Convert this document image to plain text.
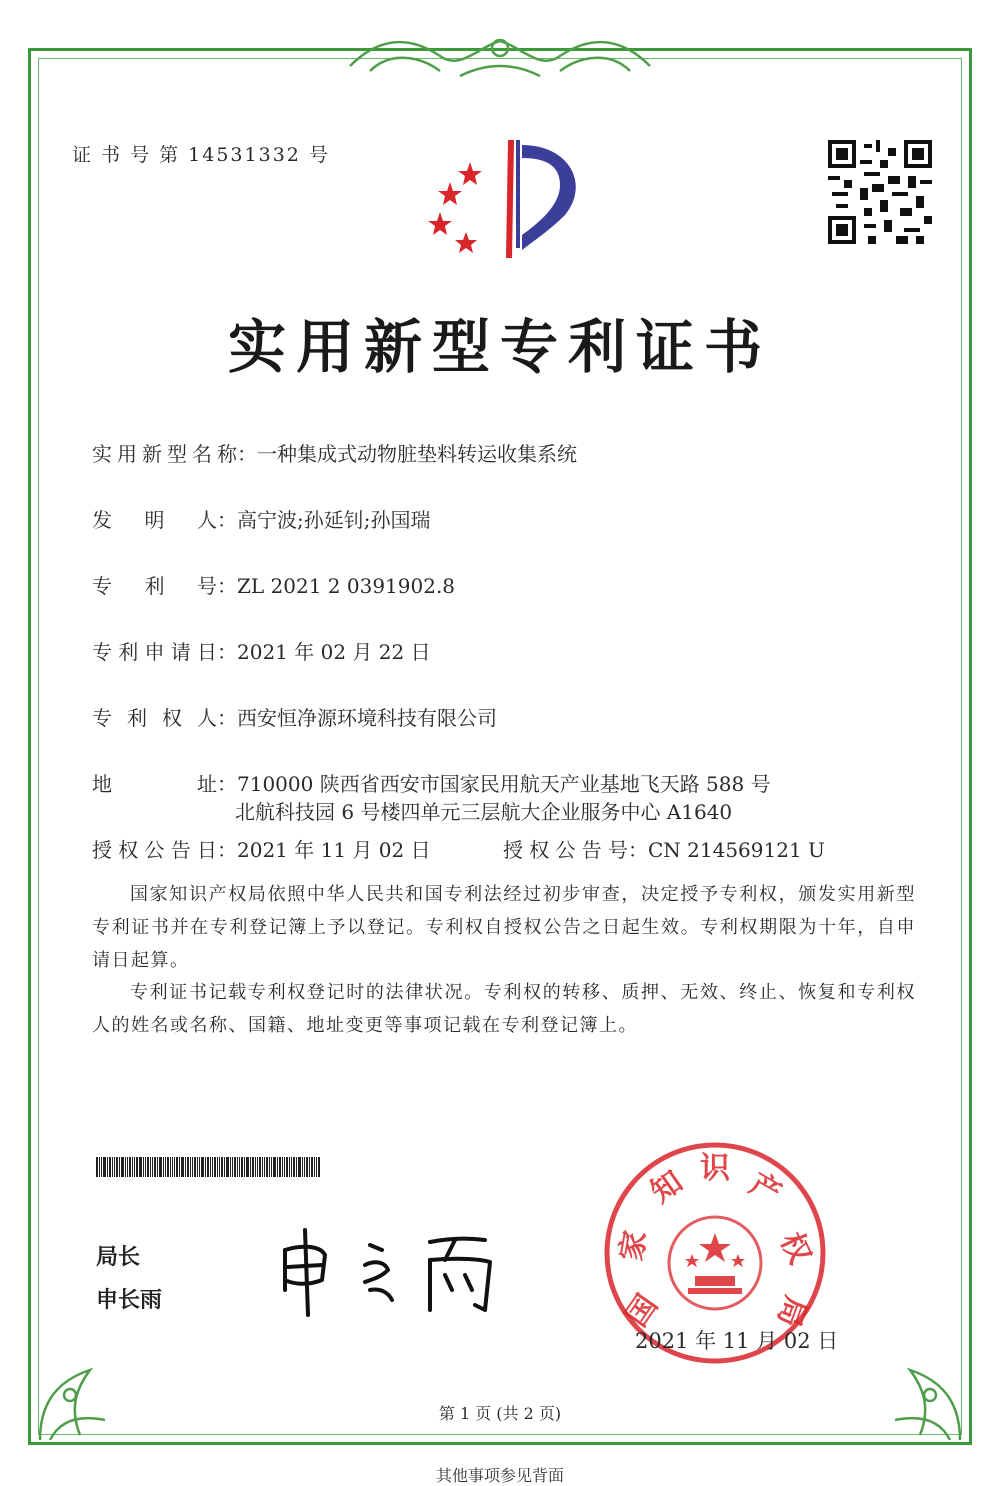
证 书 号 第 14531332 号
实用新型专利证书
实用新型名称：一种集成式动物脏垫料转运收集系统
发 明 人：高宁波;孙延钊;孙国瑞
专 利 号：ZL 2021 2 0391902.8
专利申请日：2021 年 02 月 22 日
专 利 权 人：西安恒净源环境科技有限公司
地 址：710000 陕西省西安市国家民用航天产业基地飞天路 588 号
北航科技园 6 号楼四单元三层航大企业服务中心 A1640
授权公告日：2021 年 11 月 02 日	授权公告号：CN 214569121 U
国家知识产权局依照中华人民共和国专利法经过初步审查，决定授予专利权，颁发实用新型专利证书并在专利登记簿上予以登记。专利权自授权公告之日起生效。专利权期限为十年，自申请日起算。
专利证书记载专利权登记时的法律状况。专利权的转移、质押、无效、终止、恢复和专利权人的姓名或名称、国籍、地址变更等事项记载在专利登记簿上。
局长
申长雨	国
家
知 识 产
权
局
2021 年 11 月 02 日
第 1 页 (共 2 页)
其他事项参见背面
